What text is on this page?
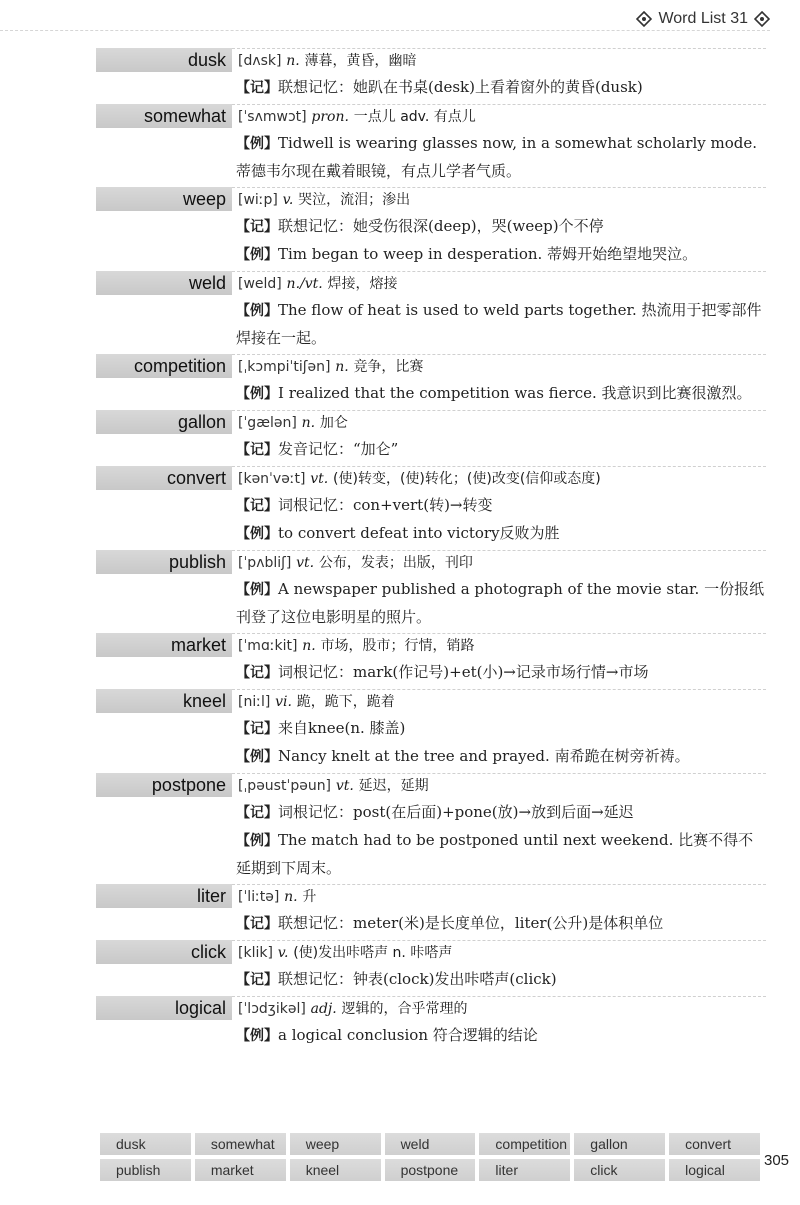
Word List 31
dusk [dʌsk] n. 薄暮，黄昏，幽暗
【记】联想记忆：她趴在书桌(desk)上看着窗外的黄昏(dusk)
somewhat [ˈsʌmwɔt] pron. 一点儿 adv. 有点儿
【例】Tidwell is wearing glasses now, in a somewhat scholarly mode. 蒂德韦尔现在戴着眼镜，有点儿学者气质。
weep [wiːp] v. 哭泣，流泪；渗出
【记】联想记忆：她受伤很深(deep)，哭(weep)个不停
【例】Tim began to weep in desperation. 蒂姆开始绝望地哭泣。
weld [weld] n./vt. 焊接，熔接
【例】The flow of heat is used to weld parts together. 热流用于把零部件焊接在一起。
competition [ˌkɔmpiˈtiʃən] n. 竞争，比赛
【例】I realized that the competition was fierce. 我意识到比赛很激烈。
gallon [ˈgælən] n. 加仑
【记】发音记忆：“加仑”
convert [kənˈvəːt] vt. (使)转变，(使)转化；(使)改变(信仰或态度)
【记】词根记忆：con+vert(转)→转变
【例】to convert defeat into victory反败为胜
publish [ˈpʌbliʃ] vt. 公布，发表；出版，刊印
【例】A newspaper published a photograph of the movie star. 一份报纸刊登了这位电影明星的照片。
market [ˈmɑːkit] n. 市场，股市；行情，销路
【记】词根记忆：mark(作记号)+et(小)→记录市场行情→市场
kneel [niːl] vi. 跪，跪下，跪着
【记】来自knee(n. 膝盖)
【例】Nancy knelt at the tree and prayed. 南希跪在树旁祈祷。
postpone [ˌpəustˈpəun] vt. 延迟，延期
【记】词根记忆：post(在后面)+pone(放)→放到后面→延迟
【例】The match had to be postponed until next weekend. 比赛不得不延期到下周末。
liter [ˈliːtə] n. 升
【记】联想记忆：meter(米)是长度单位，liter(公升)是体积单位
click [klik] v. (使)发出咔嗒声 n. 咔嗒声
【记】联想记忆：钟表(clock)发出咔嗒声(click)
logical [ˈlɔdʒikəl] adj. 逻辑的，合乎常理的
【例】a logical conclusion 符合逻辑的结论
dusk	somewhat	weep	weld	competition	gallon	convert
publish	market	kneel	postpone	liter	click	logical
305
